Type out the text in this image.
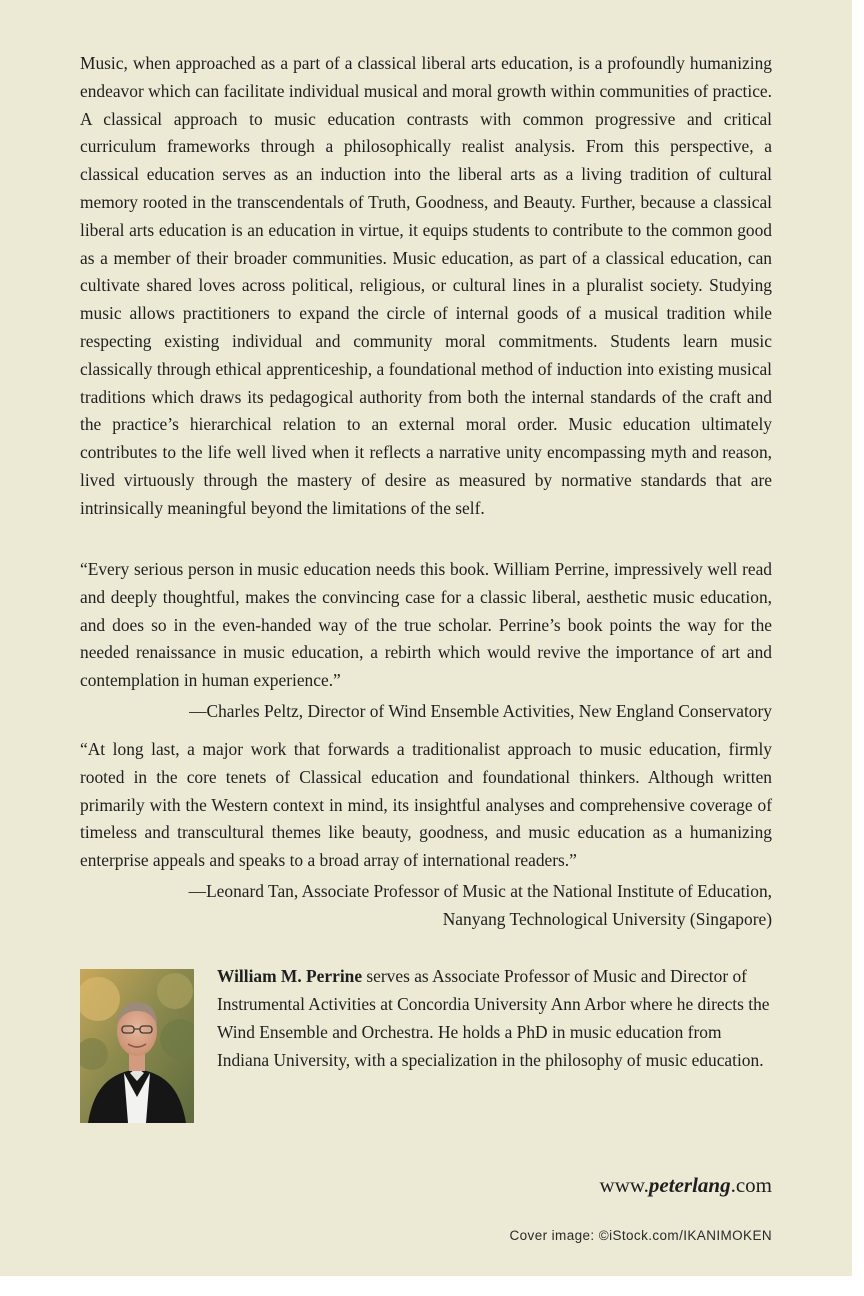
Music, when approached as a part of a classical liberal arts education, is a profoundly humanizing endeavor which can facilitate individual musical and moral growth within communities of practice. A classical approach to music education contrasts with common progressive and critical curriculum frameworks through a philosophically realist analysis. From this perspective, a classical education serves as an induction into the liberal arts as a living tradition of cultural memory rooted in the transcendentals of Truth, Goodness, and Beauty. Further, because a classical liberal arts education is an education in virtue, it equips students to contribute to the common good as a member of their broader communities. Music education, as part of a classical education, can cultivate shared loves across political, religious, or cultural lines in a pluralist society. Studying music allows practitioners to expand the circle of internal goods of a musical tradition while respecting existing individual and community moral commitments. Students learn music classically through ethical apprenticeship, a foundational method of induction into existing musical traditions which draws its pedagogical authority from both the internal standards of the craft and the practice’s hierarchical relation to an external moral order. Music education ultimately contributes to the life well lived when it reflects a narrative unity encompassing myth and reason, lived virtuously through the mastery of desire as measured by normative standards that are intrinsically meaningful beyond the limitations of the self.

“Every serious person in music education needs this book. William Perrine, impressively well read and deeply thoughtful, makes the convincing case for a classic liberal, aesthetic music education, and does so in the even-handed way of the true scholar. Perrine’s book points the way for the needed renaissance in music education, a rebirth which would revive the importance of art and contemplation in human experience.”

—Charles Peltz, Director of Wind Ensemble Activities, New England Conservatory

“At long last, a major work that forwards a traditionalist approach to music education, firmly rooted in the core tenets of Classical education and foundational thinkers. Although written primarily with the Western context in mind, its insightful analyses and comprehensive coverage of timeless and transcultural themes like beauty, goodness, and music education as a humanizing enterprise appeals and speaks to a broad array of international readers.”

—Leonard Tan, Associate Professor of Music at the National Institute of Education,
Nanyang Technological University (Singapore)

William M. Perrine serves as Associate Professor of Music and Director of Instrumental Activities at Concordia University Ann Arbor where he directs the Wind Ensemble and Orchestra. He holds a PhD in music education from Indiana University, with a specialization in the philosophy of music education.

www.peterlang.com

Cover image: ©iStock.com/IKANIMOKEN
